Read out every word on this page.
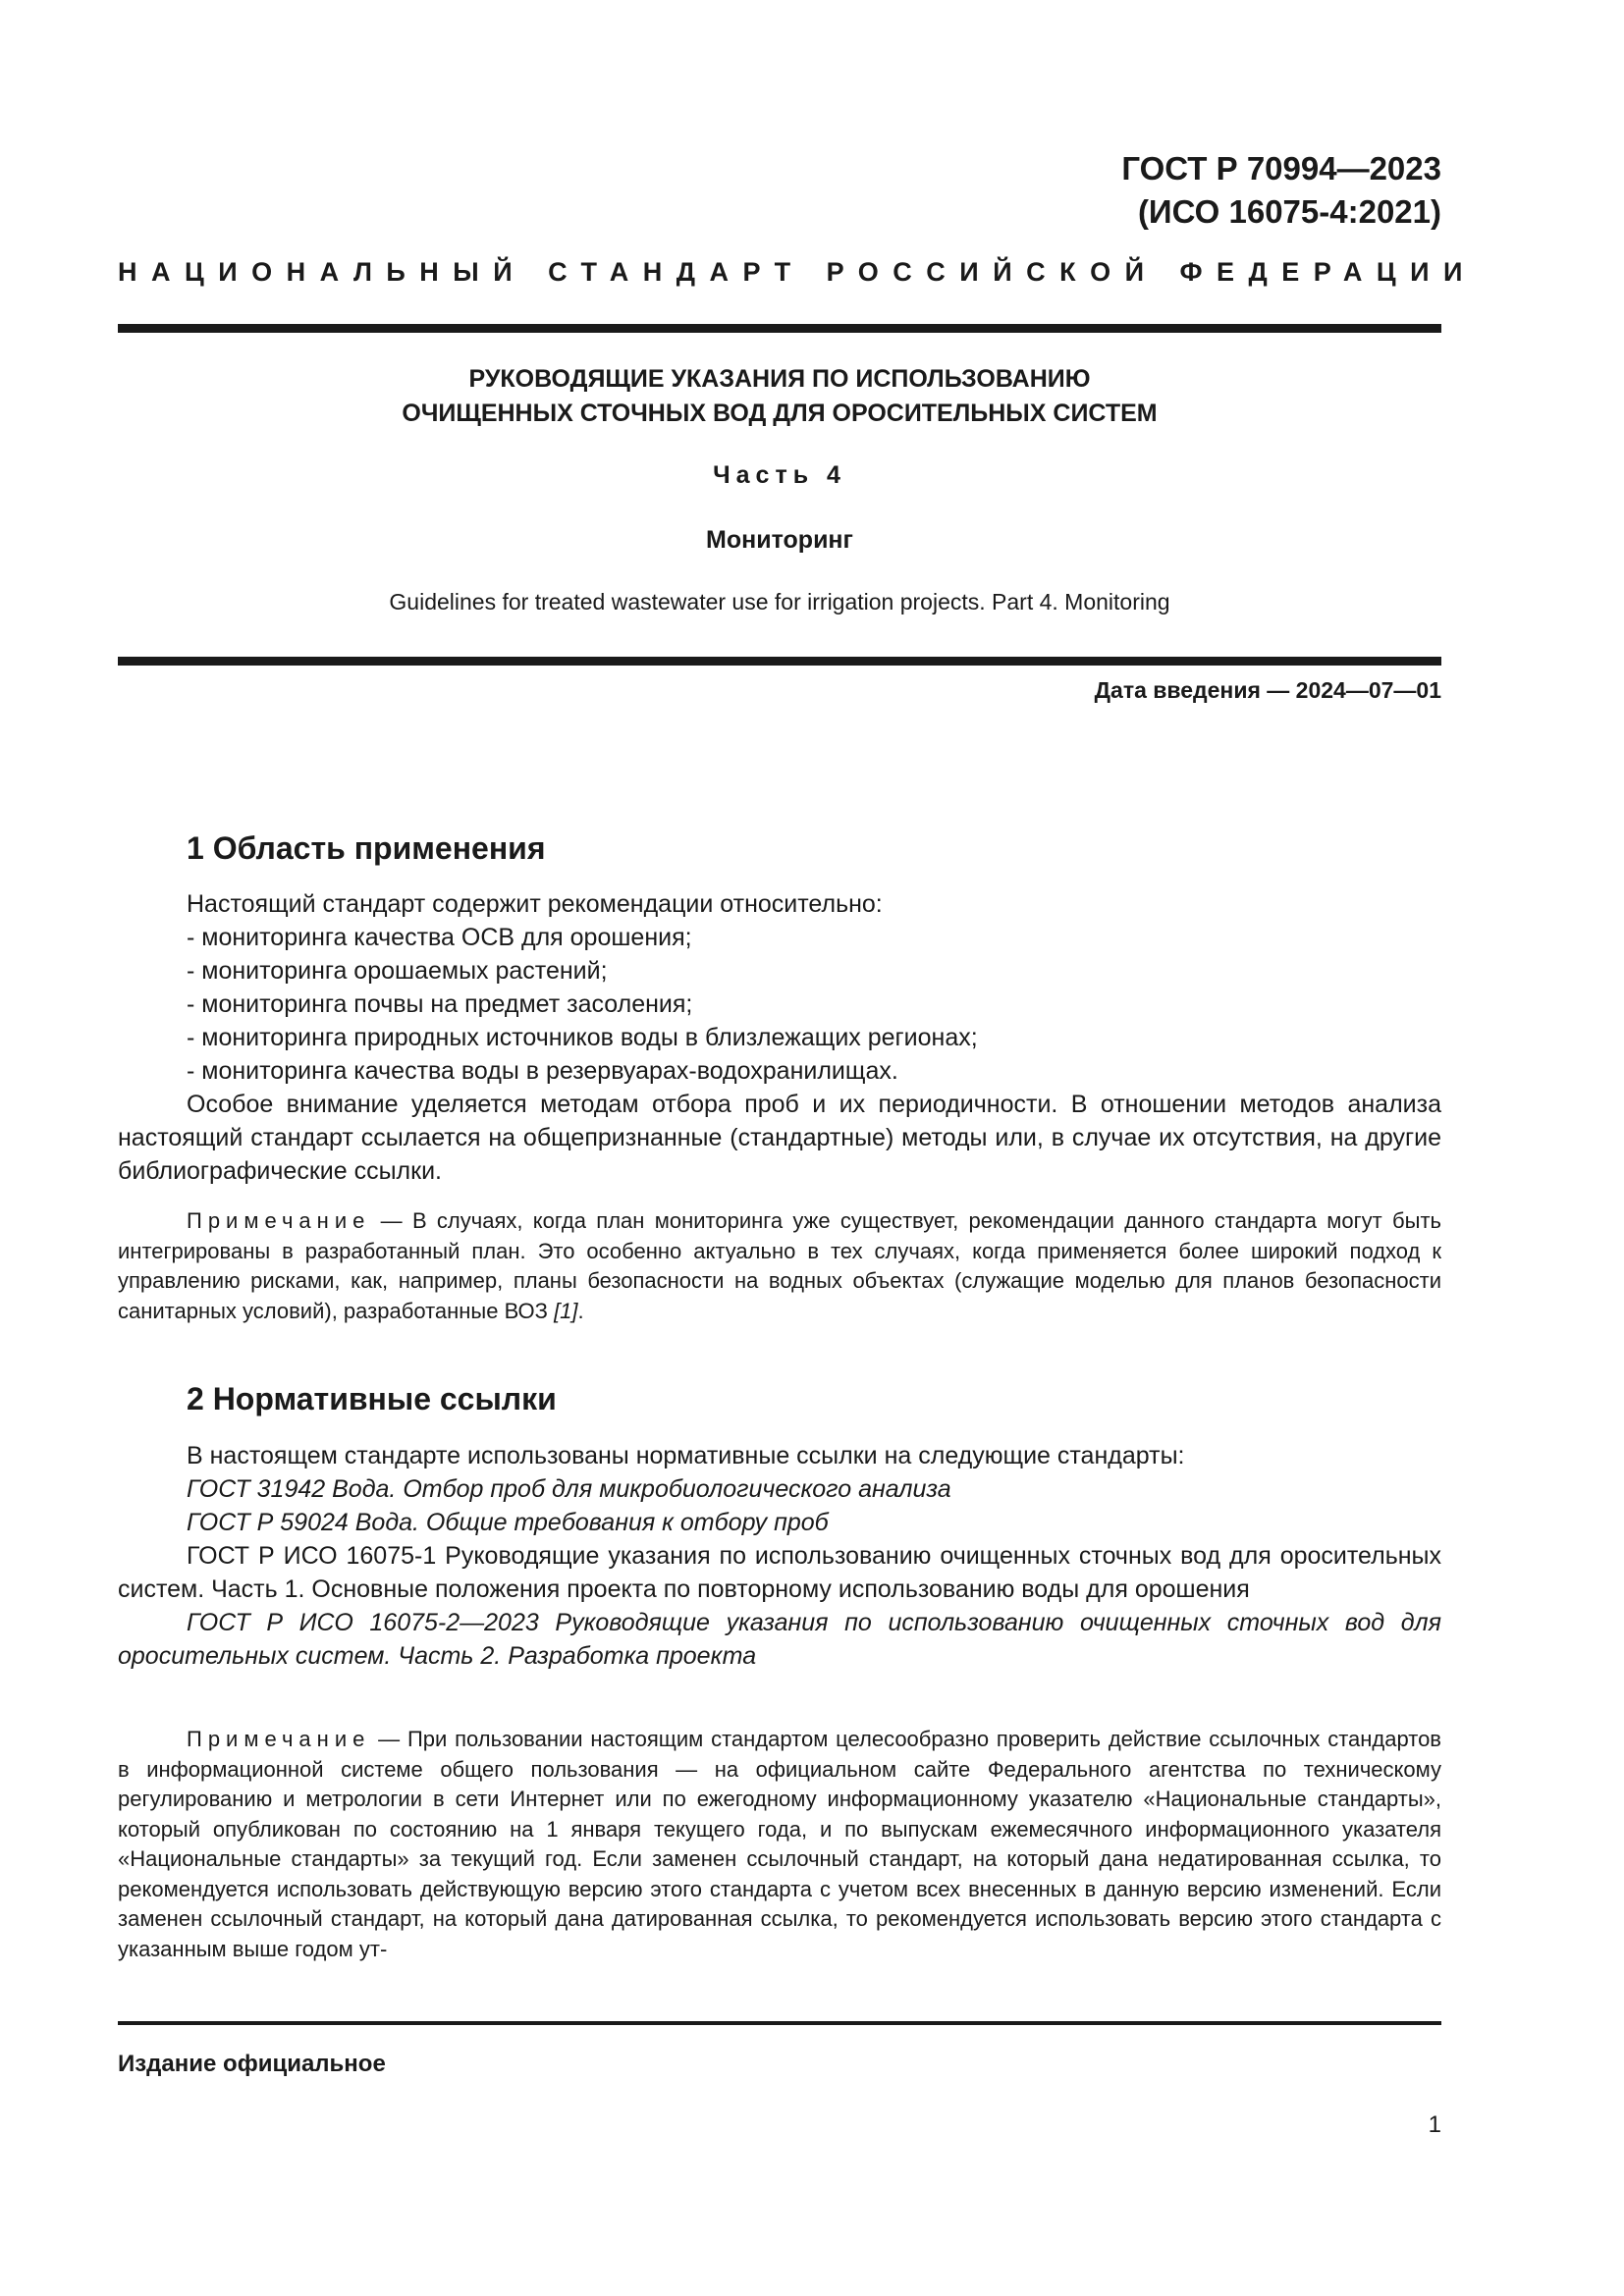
ГОСТ Р 70994—2023
(ИСО 16075-4:2021)
НАЦИОНАЛЬНЫЙ СТАНДАРТ РОССИЙСКОЙ ФЕДЕРАЦИИ
РУКОВОДЯЩИЕ УКАЗАНИЯ ПО ИСПОЛЬЗОВАНИЮ
ОЧИЩЕННЫХ СТОЧНЫХ ВОД ДЛЯ ОРОСИТЕЛЬНЫХ СИСТЕМ
Часть 4
Мониторинг
Guidelines for treated wastewater use for irrigation projects. Part 4. Monitoring
Дата введения — 2024—07—01
1 Область применения

Настоящий стандарт содержит рекомендации относительно:

- мониторинга качества ОСВ для орошения;

- мониторинга орошаемых растений;

- мониторинга почвы на предмет засоления;

- мониторинга природных источников воды в близлежащих регионах;

- мониторинга качества воды в резервуарах-водохранилищах.

Особое внимание уделяется методам отбора проб и их периодичности. В отношении методов анализа настоящий стандарт ссылается на общепризнанные (стандартные) методы или, в случае их отсутствия, на другие библиографические ссылки.

Примечание — В случаях, когда план мониторинга уже существует, рекомендации данного стандарта могут быть интегрированы в разработанный план. Это особенно актуально в тех случаях, когда применяется более широкий подход к управлению рисками, как, например, планы безопасности на водных объектах (служащие моделью для планов безопасности санитарных условий), разработанные ВОЗ [1].

2 Нормативные ссылки

В настоящем стандарте использованы нормативные ссылки на следующие стандарты:

ГОСТ 31942 Вода. Отбор проб для микробиологического анализа

ГОСТ Р 59024 Вода. Общие требования к отбору проб

ГОСТ Р ИСО 16075-1 Руководящие указания по использованию очищенных сточных вод для оросительных систем. Часть 1. Основные положения проекта по повторному использованию воды для орошения

ГОСТ Р ИСО 16075-2—2023 Руководящие указания по использованию очищенных сточных вод для оросительных систем. Часть 2. Разработка проекта

Примечание — При пользовании настоящим стандартом целесообразно проверить действие ссылочных стандартов в информационной системе общего пользования — на официальном сайте Федерального агентства по техническому регулированию и метрологии в сети Интернет или по ежегодному информационному указателю «Национальные стандарты», который опубликован по состоянию на 1 января текущего года, и по выпускам ежемесячного информационного указателя «Национальные стандарты» за текущий год. Если заменен ссылочный стандарт, на который дана недатированная ссылка, то рекомендуется использовать действующую версию этого стандарта с учетом всех внесенных в данную версию изменений. Если заменен ссылочный стандарт, на который дана датированная ссылка, то рекомендуется использовать версию этого стандарта с указанным выше годом ут-

Издание официальное
1
